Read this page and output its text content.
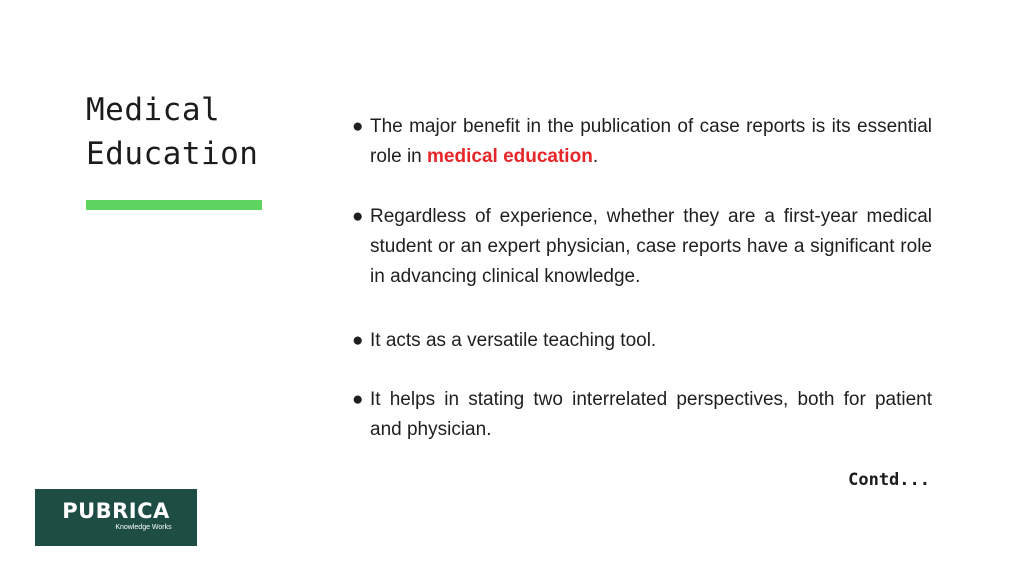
Medical
Education
● The major benefit in the publication of case reports is its essential role in medical education.
● Regardless of experience, whether they are a first-year medical student or an expert physician, case reports have a significant role in advancing clinical knowledge.
● It acts as a versatile teaching tool.
● It helps in stating two interrelated perspectives, both for patient and physician.
Contd...
PUBRICA
Knowledge Works
